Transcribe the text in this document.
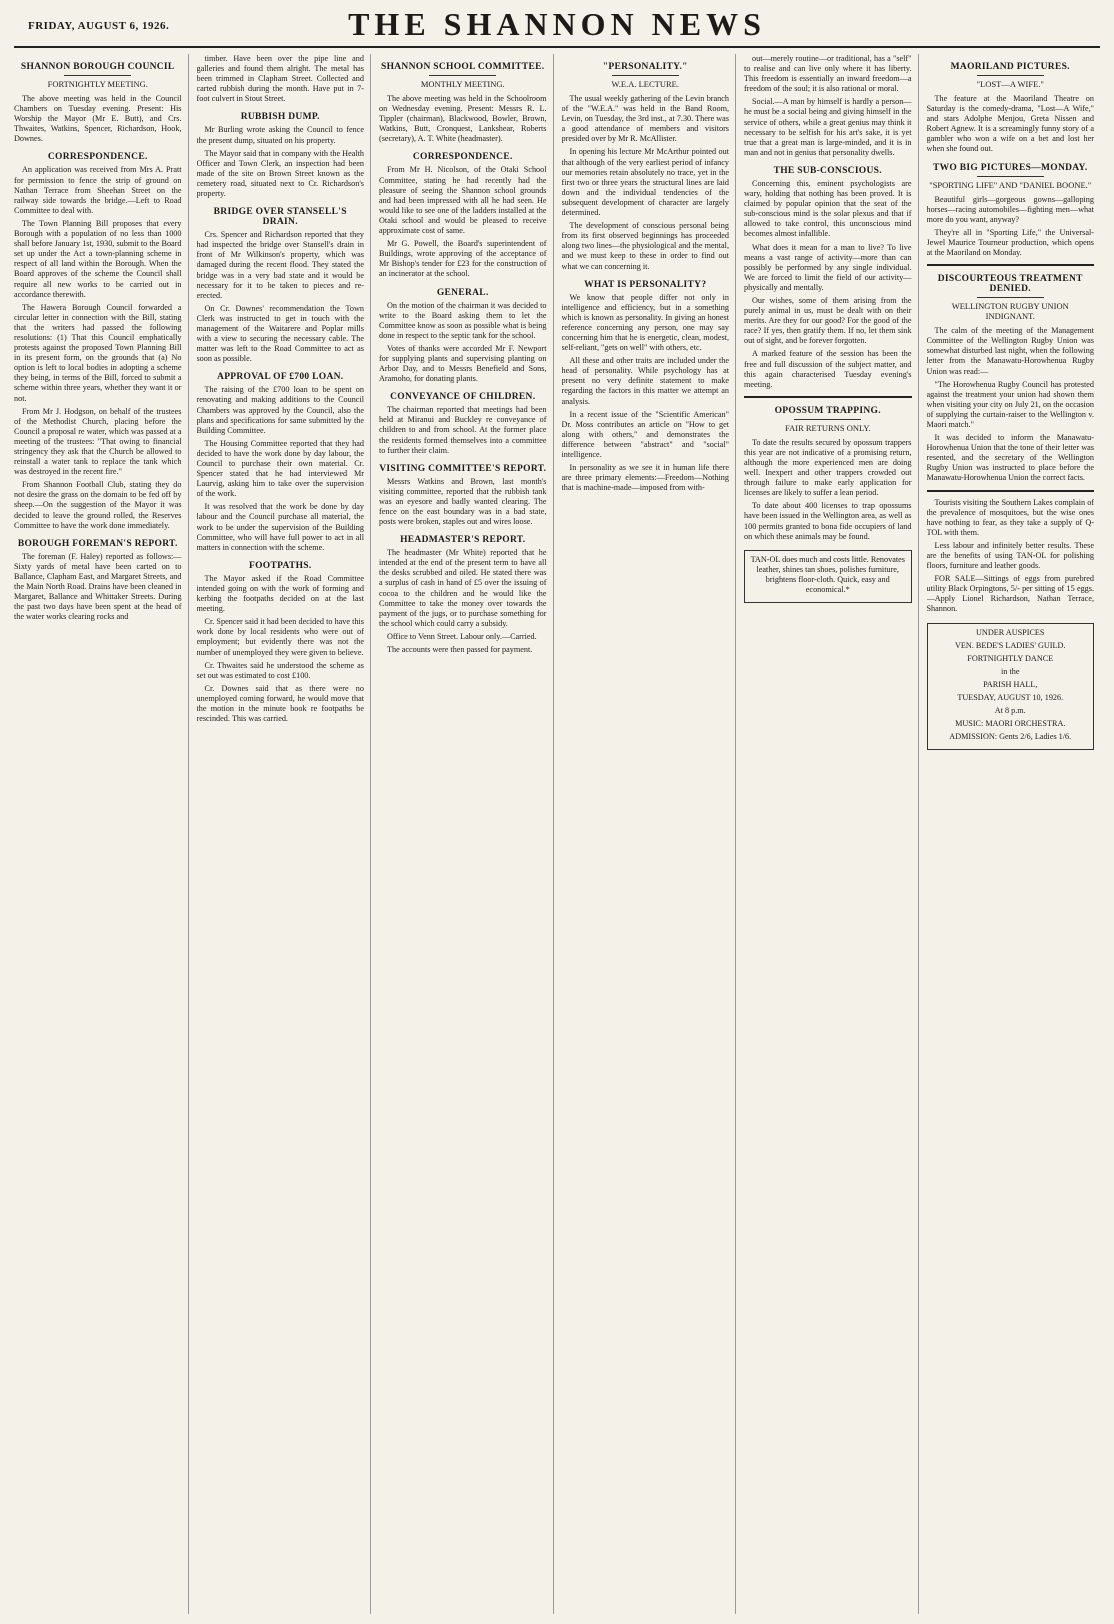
FRIDAY, AUGUST 6, 1926.	THE SHANNON NEWS
SHANNON BOROUGH COUNCIL
FORTNIGHTLY MEETING.

The above meeting was held in the Council Chambers on Tuesday evening. Present: His Worship the Mayor (Mr E. Butt), and Crs. Thwaites, Watkins, Spencer, Richardson, Hook, Downes.

CORRESPONDENCE.

An application was received from Mrs A. Pratt for permission to fence the strip of ground on Nathan Terrace from Sheehan Street on the railway side towards the bridge.—Left to Road Committee to deal with.

The Town Planning Bill proposes that every Borough with a population of no less than 1000 shall before January 1st, 1930, submit to the Board set up under the Act a town-planning scheme in respect of all land within the Borough. When the Board approves of the scheme the Council shall require all new works to be carried out in accordance therewith.

The Hawera Borough Council forwarded a circular letter in connection with the Bill, stating that the writers had passed the following resolutions: (1) That this Council emphatically protests against the proposed Town Planning Bill in its present form, on the grounds that (a) No option is left to local bodies in adopting a scheme they being, in terms of the Bill, forced to submit a scheme within three years, whether they want it or not.

From Mr J. Hodgson, on behalf of the trustees of the Methodist Church, placing before the Council a proposal re water, which was passed at a meeting of the trustees: "That owing to financial stringency they ask that the Church be allowed to reinstall a water tank to replace the tank which was destroyed in the recent fire."

From Shannon Football Club, stating they do not desire the grass on the domain to be fed off by sheep.—On the suggestion of the Mayor it was decided to leave the ground rolled, the Reserves Committee to have the work done immediately.

BOROUGH FOREMAN'S REPORT.

The foreman (F. Haley) reported as follows:—Sixty yards of metal have been carted on to Ballance, Clapham East, and Margaret Streets, and the Main North Road. Drains have been cleaned in Margaret, Ballance and Whittaker Streets. During the past two days have been spent at the head of the water works clearing rocks and

timber. Have been over the pipe line and galleries and found them alright. The metal has been trimmed in Clapham Street. Collected and carted rubbish during the month. Have put in 7-foot culvert in Stout Street.

RUBBISH DUMP.

Mr Burling wrote asking the Council to fence the present dump, situated on his property.

The Mayor said that in company with the Health Officer and Town Clerk, an inspection had been made of the site on Brown Street known as the cemetery road, situated next to Cr. Richardson's property.

BRIDGE OVER STANSELL'S DRAIN.

Crs. Spencer and Richardson reported that they had inspected the bridge over Stansell's drain in front of Mr Wilkinson's property, which was damaged during the recent flood. They stated the bridge was in a very bad state and it would be necessary for it to be taken to pieces and re-erected.

On Cr. Downes' recommendation the Town Clerk was instructed to get in touch with the management of the Waitarere and Poplar mills with a view to securing the necessary cable. The matter was left to the Road Committee to act as soon as possible.

APPROVAL OF £700 LOAN.

The raising of the £700 loan to be spent on renovating and making additions to the Council Chambers was approved by the Council, also the plans and specifications for same submitted by the Building Committee.

The Housing Committee reported that they had decided to have the work done by day labour, the Council to purchase their own material. Cr. Spencer stated that he had interviewed Mr Laurvig, asking him to take over the supervision of the work.

It was resolved that the work be done by day labour and the Council purchase all material, the work to be under the supervision of the Building Committee, who will have full power to act in all matters in connection with the scheme.

FOOTPATHS.

The Mayor asked if the Road Committee intended going on with the work of forming and kerbing the footpaths decided on at the last meeting.

Cr. Spencer said it had been decided to have this work done by local residents who were out of employment; but evidently there was not the number of unemployed they were given to believe.

Cr. Thwaites said he understood the scheme as set out was estimated to cost £100.

Cr. Downes said that as there were no unemployed coming forward, he would move that the motion in the minute book re footpaths be rescinded. This was carried.

SHANNON SCHOOL COMMITTEE.
MONTHLY MEETING.

The above meeting was held in the Schoolroom on Wednesday evening. Present: Messrs R. L. Tippler (chairman), Blackwood, Bowler, Brown, Watkins, Butt, Cronquest, Lankshear, Roberts (secretary), A. T. White (headmaster).

CORRESPONDENCE.

From Mr H. Nicolson, of the Otaki School Committee, stating he had recently had the pleasure of seeing the Shannon school grounds and had been impressed with all he had seen. He would like to see one of the ladders installed at the Otaki school and would be pleased to receive approximate cost of same.

Mr G. Powell, the Board's superintendent of Buildings, wrote approving of the acceptance of Mr Bishop's tender for £23 for the construction of an incinerator at the school.

GENERAL.

On the motion of the chairman it was decided to write to the Board asking them to let the Committee know as soon as possible what is being done in respect to the septic tank for the school.

Votes of thanks were accorded Mr F. Newport for supplying plants and supervising planting on Arbor Day, and to Messrs Benefield and Sons, Aramoho, for donating plants.

CONVEYANCE OF CHILDREN.

The chairman reported that meetings had been held at Miranui and Buckley re conveyance of children to and from school. At the former place the residents formed themselves into a committee to further their claim.

VISITING COMMITTEE'S REPORT.

Messrs Watkins and Brown, last month's visiting committee, reported that the rubbish tank was an eyesore and badly wanted clearing. The fence on the east boundary was in a bad state, posts were broken, staples out and wires loose.

HEADMASTER'S REPORT.

The headmaster (Mr White) reported that he intended at the end of the present term to have all the desks scrubbed and oiled. He stated there was a surplus of cash in hand of £5 over the issuing of cocoa to the children and he would like the Committee to take the money over towards the payment of the jugs, or to purchase something for the school which could carry a subsidy.

Office to Venn Street. Labour only.—Carried.

The accounts were then passed for payment.

"PERSONALITY."
W.E.A. LECTURE.

The usual weekly gathering of the Levin branch of the "W.E.A." was held in the Band Room, Levin, on Tuesday, the 3rd inst., at 7.30. There was a good attendance of members and visitors presided over by Mr R. McAllister.

In opening his lecture Mr McArthur pointed out that although of the very earliest period of infancy our memories retain absolutely no trace, yet in the first two or three years the structural lines are laid down and the individual tendencies of the subsequent development of character are largely determined.

The development of conscious personal being from its first observed beginnings has proceeded along two lines—the physiological and the mental, and we must keep to these in order to find out what we can concerning it.

WHAT IS PERSONALITY?

We know that people differ not only in intelligence and efficiency, but in a something which is known as personality. In giving an honest reference concerning any person, one may say concerning him that he is energetic, clean, modest, self-reliant, "gets on well" with others, etc.

All these and other traits are included under the head of personality. While psychology has at present no very definite statement to make regarding the factors in this matter we attempt an analysis.

In a recent issue of the "Scientific American" Dr. Moss contributes an article on "How to get along with others," and demonstrates the difference between "abstract" and "social" intelligence.

In personality as we see it in human life there are three primary elements:—Freedom—Nothing that is machine-made—imposed from with-

out—merely routine—or traditional, has a "self" to realise and can live only where it has liberty. This freedom is essentially an inward freedom—a freedom of the soul; it is also rational or moral.

Social.—A man by himself is hardly a person—he must be a social being and giving himself in the service of others, while a great genius may think it necessary to be selfish for his art's sake, it is yet true that a great man is large-minded, and it is in man and not in genius that personality dwells.

THE SUB-CONSCIOUS.

Concerning this, eminent psychologists are wary, holding that nothing has been proved. It is claimed by popular opinion that the seat of the sub-conscious mind is the solar plexus and that if allowed to take control, this unconscious mind becomes almost infallible.

What does it mean for a man to live? To live means a vast range of activity—more than can possibly be performed by any single individual. We are forced to limit the field of our activity—physically and mentally.

Our wishes, some of them arising from the purely animal in us, must be dealt with on their merits. Are they for our good? For the good of the race? If yes, then gratify them. If no, let them sink out of sight, and be forever forgotten.

A marked feature of the session has been the free and full discussion of the subject matter, and this again characterised Tuesday evening's meeting.

OPOSSUM TRAPPING.
FAIR RETURNS ONLY.

To date the results secured by opossum trappers this year are not indicative of a promising return, although the more experienced men are doing well. Inexpert and other trappers crowded out through failure to make early application for licenses are likely to suffer a lean period.

To date about 400 licenses to trap opossums have been issued in the Wellington area, as well as 100 permits granted to bona fide occupiers of land on which these animals may be found.

TAN-OL does much and costs little. Renovates leather, shines tan shoes, polishes furniture, brightens floor-cloth. Quick, easy and economical.*

MAORILAND PICTURES.
"LOST—A WIFE."

The feature at the Maoriland Theatre on Saturday is the comedy-drama, "Lost—A Wife," and stars Adolphe Menjou, Greta Nissen and Robert Agnew. It is a screamingly funny story of a gambler who won a wife on a bet and lost her when she found out.

TWO BIG PICTURES—MONDAY.
"SPORTING LIFE" AND "DANIEL BOONE."

Beautiful girls—gorgeous gowns—galloping horses—racing automobiles—fighting men—what more do you want, anyway?

They're all in "Sporting Life," the Universal-Jewel Maurice Tourneur production, which opens at the Maoriland on Monday.

DISCOURTEOUS TREATMENT DENIED.
WELLINGTON RUGBY UNION INDIGNANT.

The calm of the meeting of the Management Committee of the Wellington Rugby Union was somewhat disturbed last night, when the following letter from the Manawatu-Horowhenua Rugby Union was read:—

"The Horowhenua Rugby Council has protested against the treatment your union had shown them when visiting your city on July 21, on the occasion of supplying the curtain-raiser to the Wellington v. Maori match."

It was decided to inform the Manawatu-Horowhenua Union that the tone of their letter was resented, and the secretary of the Wellington Rugby Union was instructed to place before the Manawatu-Horowhenua Union the correct facts.

Tourists visiting the Southern Lakes complain of the prevalence of mosquitoes, but the wise ones have nothing to fear, as they take a supply of Q-TOL with them.

Less labour and infinitely better results. These are the benefits of using TAN-OL for polishing floors, furniture and leather goods.

FOR SALE—Sittings of eggs from purebred utility Black Orpingtons, 5/- per sitting of 15 eggs.—Apply Lionel Richardson, Nathan Terrace, Shannon.

UNDER AUSPICES

VEN. BEDE'S LADIES' GUILD.

FORTNIGHTLY DANCE

in the

PARISH HALL,

TUESDAY, AUGUST 10, 1926.

At 8 p.m.

MUSIC: MAORI ORCHESTRA.

ADMISSION: Gents 2/6, Ladies 1/6.
